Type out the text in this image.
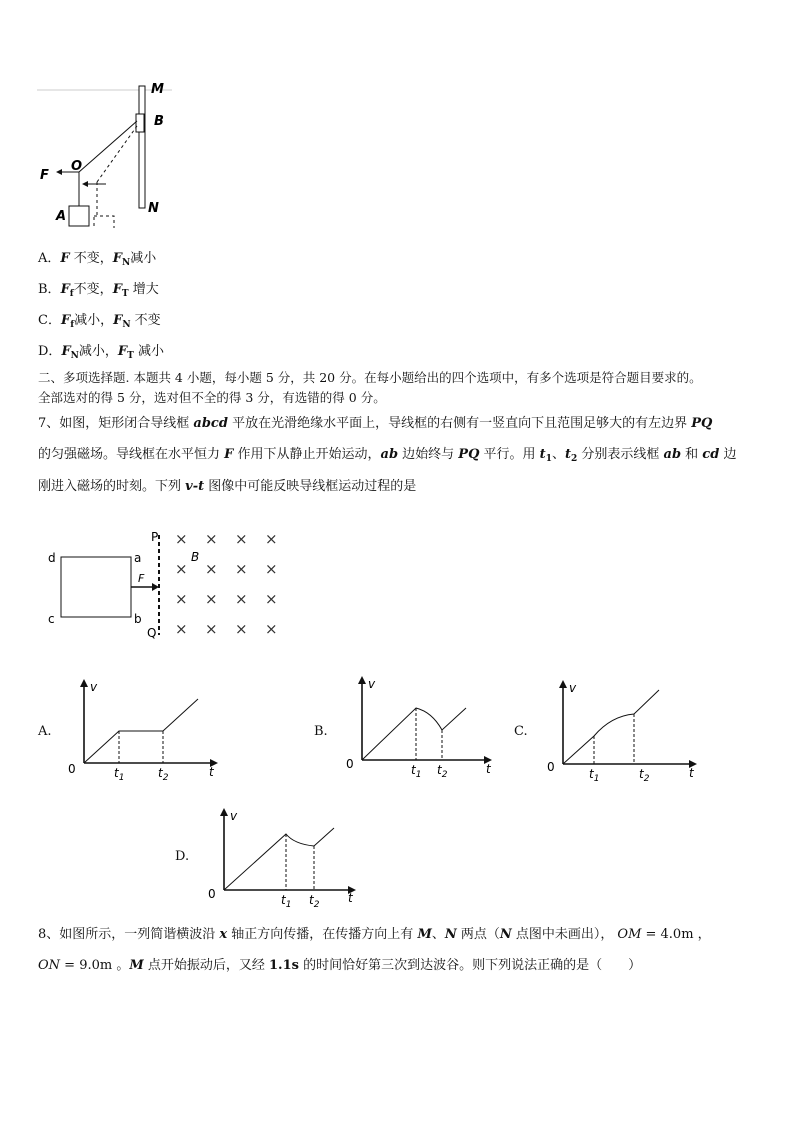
M
B
O
F
A
N
A．F 不变，$F_N$减小
B．$F_f$不变，$F_T$ 增大
C．$F_f$减小，$F_N$ 不变
D．$F_N$减小，$F_T$ 减小
二、多项选择题. 本题共 4 小题，每小题 5 分，共 20 分。在每小题给出的四个选项中，有多个选项是符合题目要求的。
全部选对的得 5 分，选对但不全的得 3 分，有选错的得 0 分。
7、如图，矩形闭合导线框 abcd 平放在光滑绝缘水平面上，导线框的右侧有一竖直向下且范围足够大的有左边界 PQ
的匀强磁场。导线框在水平恒力 F 作用下从静止开始运动，ab 边始终与 PQ 平行。用 $t_1$、$t_2$ 分别表示线框 ab 和 cd 边
刚进入磁场的时刻。下列 v-t 图像中可能反映导线框运动过程的是
d	a
c	b
P
Q
F
B
× × × ×
× × × ×
× × × ×
× × × ×
A.
v
0	t
$t_1$	$t_2$
B.
v
0	t
$t_1$ $t_2$
C.
v
0	t
$t_1$	$t_2$
D.
v
0	t
$t_1$ $t_2$
8、如图所示，一列简谐横波沿 x 轴正方向传播，在传播方向上有 M、N 两点（N 点图中未画出）， OM = 4.0m ，
ON = 9.0m 。M 点开始振动后，又经 1.1s 的时间恰好第三次到达波谷。则下列说法正确的是（　　）
